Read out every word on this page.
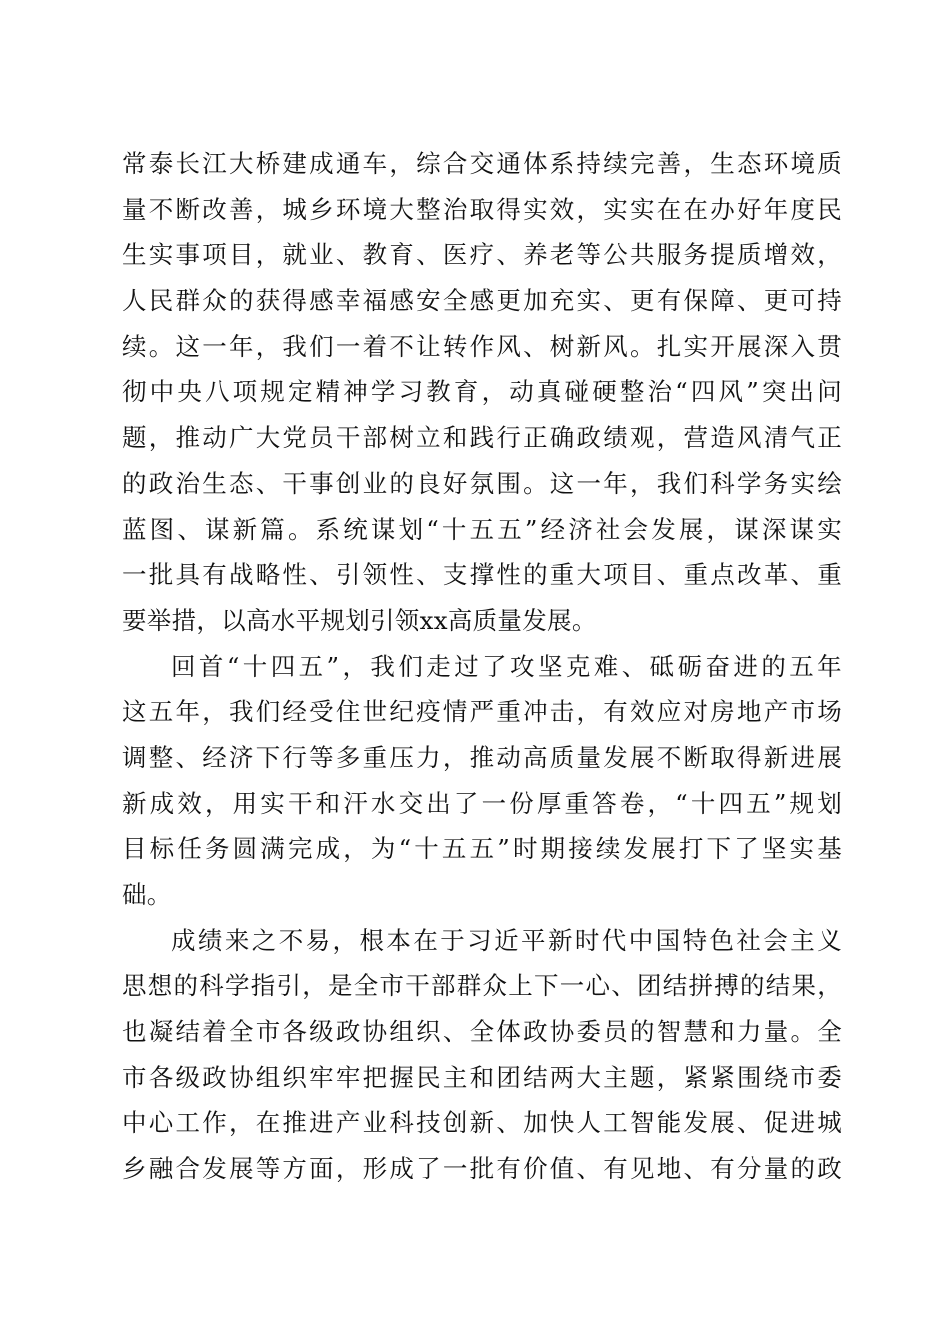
常泰长江大桥建成通车，综合交通体系持续完善，生态环境质
量不断改善，城乡环境大整治取得实效，实实在在办好年度民
生实事项目，就业、教育、医疗、养老等公共服务提质增效，
人民群众的获得感幸福感安全感更加充实、更有保障、更可持
续。这一年，我们一着不让转作风、树新风。扎实开展深入贯
彻中央八项规定精神学习教育，动真碰硬整治“四风”突出问
题，推动广大党员干部树立和践行正确政绩观，营造风清气正
的政治生态、干事创业的良好氛围。这一年，我们科学务实绘
蓝图、谋新篇。系统谋划“十五五”经济社会发展，谋深谋实
一批具有战略性、引领性、支撑性的重大项目、重点改革、重
要举措，以高水平规划引领xx高质量发展。
回首“十四五”，我们走过了攻坚克难、砥砺奋进的五年
这五年，我们经受住世纪疫情严重冲击，有效应对房地产市场
调整、经济下行等多重压力，推动高质量发展不断取得新进展
新成效，用实干和汗水交出了一份厚重答卷，“十四五”规划
目标任务圆满完成，为“十五五”时期接续发展打下了坚实基
础。
成绩来之不易，根本在于习近平新时代中国特色社会主义
思想的科学指引，是全市干部群众上下一心、团结拼搏的结果，
也凝结着全市各级政协组织、全体政协委员的智慧和力量。全
市各级政协组织牢牢把握民主和团结两大主题，紧紧围绕市委
中心工作，在推进产业科技创新、加快人工智能发展、促进城
乡融合发展等方面，形成了一批有价值、有见地、有分量的政
